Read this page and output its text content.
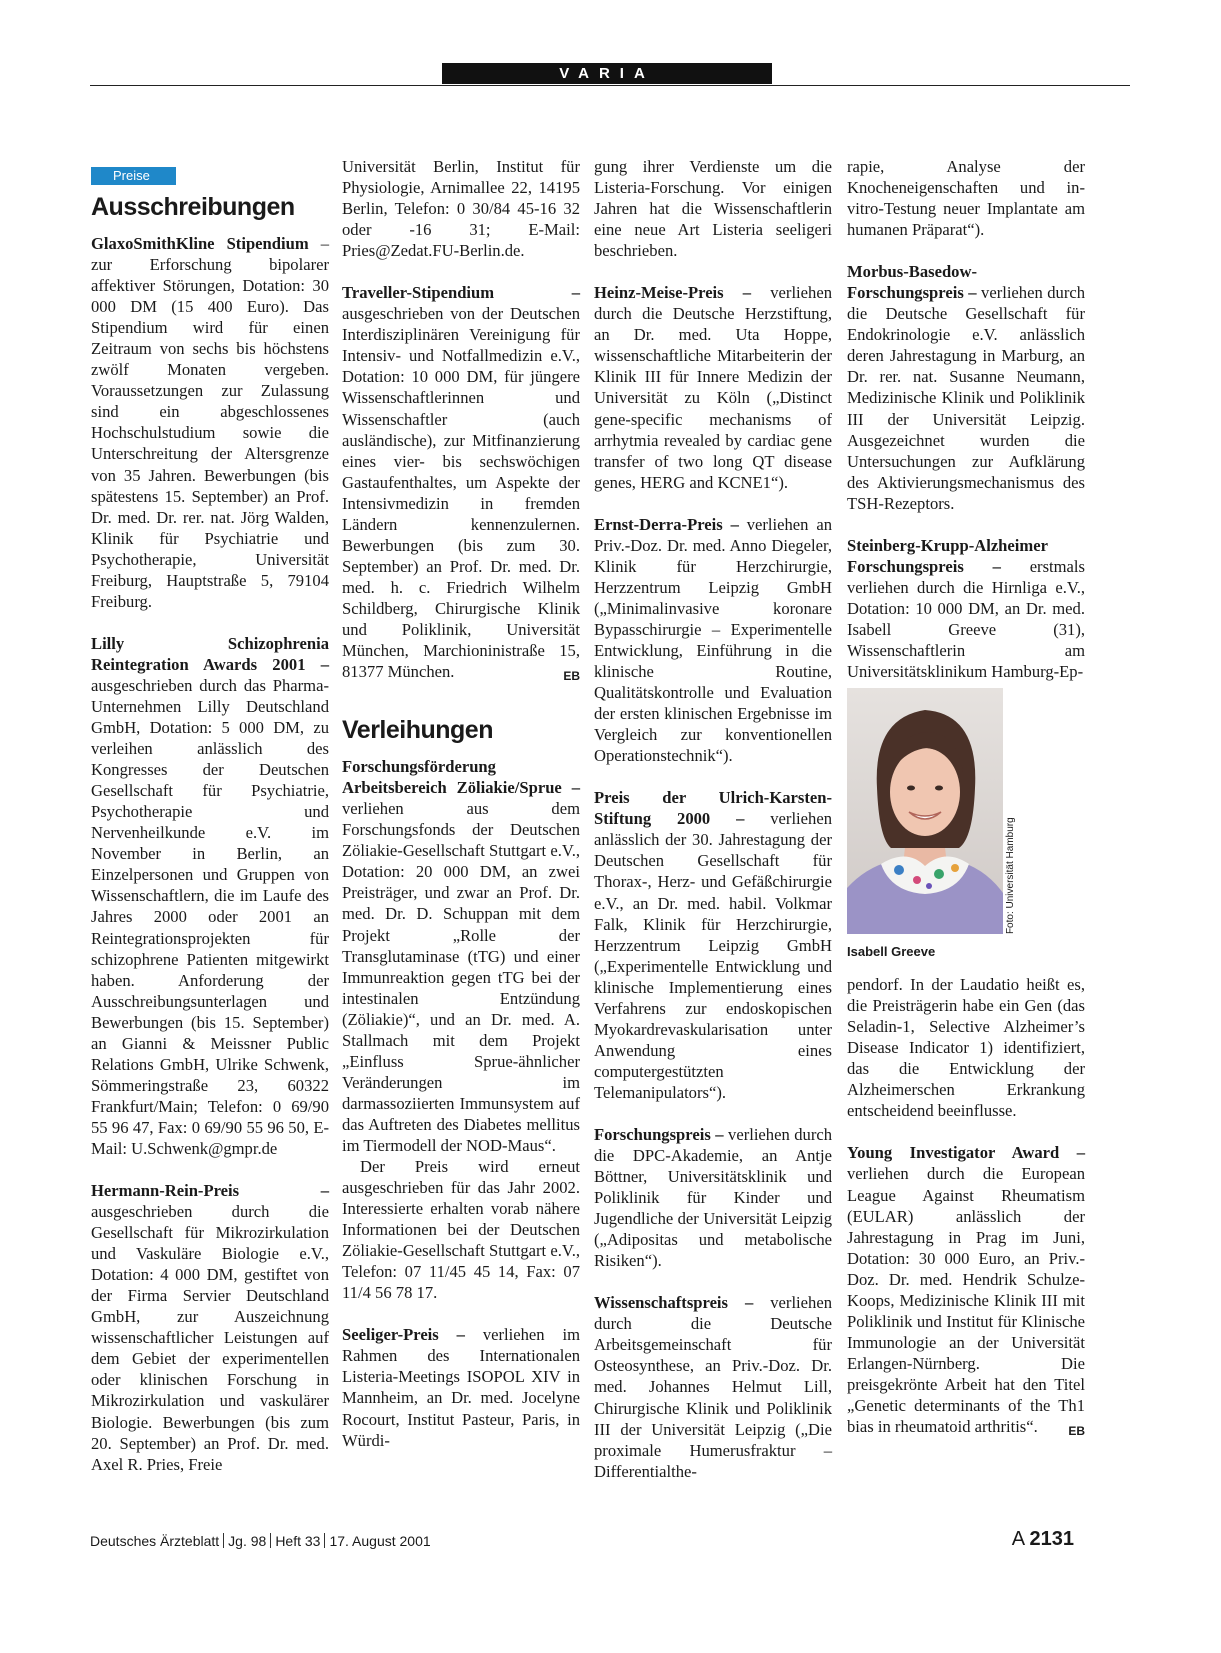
VARIA
Preise
Ausschreibungen

GlaxoSmithKline Stipendium – zur Erforschung bipolarer affektiver Störungen, Dotation: 30 000 DM (15 400 Euro). Das Stipendium wird für einen Zeitraum von sechs bis höchstens zwölf Monaten vergeben. Voraussetzungen zur Zulassung sind ein abgeschlossenes Hochschulstudium sowie die Unterschreitung der Altersgrenze von 35 Jahren. Bewerbungen (bis spätestens 15. September) an Prof. Dr. med. Dr. rer. nat. Jörg Walden, Klinik für Psychiatrie und Psychotherapie, Universität Freiburg, Hauptstraße 5, 79104 Freiburg.

Lilly Schizophrenia Reintegration Awards 2001 – ausgeschrieben durch das Pharma-Unternehmen Lilly Deutschland GmbH, Dotation: 5 000 DM, zu verleihen anlässlich des Kongresses der Deutschen Gesellschaft für Psychiatrie, Psychotherapie und Nervenheilkunde e.V. im November in Berlin, an Einzelpersonen und Gruppen von Wissenschaftlern, die im Laufe des Jahres 2000 oder 2001 an Reintegrationsprojekten für schizophrene Patienten mitgewirkt haben. Anforderung der Ausschreibungsunterlagen und Bewerbungen (bis 15. September) an Gianni & Meissner Public Relations GmbH, Ulrike Schwenk, Sömmeringstraße 23, 60322 Frankfurt/Main; Telefon: 0 69/90 55 96 47, Fax: 0 69/90 55 96 50, E-Mail: U.Schwenk@gmpr.de

Hermann-Rein-Preis – ausgeschrieben durch die Gesellschaft für Mikrozirkulation und Vaskuläre Biologie e.V., Dotation: 4 000 DM, gestiftet von der Firma Servier Deutschland GmbH, zur Auszeichnung wissenschaftlicher Leistungen auf dem Gebiet der experimentellen oder klinischen Forschung in Mikrozirkulation und vaskulärer Biologie. Bewerbungen (bis zum 20. September) an Prof. Dr. med. Axel R. Pries, Freie

Universität Berlin, Institut für Physiologie, Arnimallee 22, 14195 Berlin, Telefon: 0 30/84 45-16 32 oder -16 31; E-Mail: Pries@Zedat.FU-Berlin.de.

Traveller-Stipendium – ausgeschrieben von der Deutschen Interdisziplinären Vereinigung für Intensiv- und Notfallmedizin e.V., Dotation: 10 000 DM, für jüngere Wissenschaftlerinnen und Wissenschaftler (auch ausländische), zur Mitfinanzierung eines vier- bis sechswöchigen Gastaufenthaltes, um Aspekte der Intensivmedizin in fremden Ländern kennenzulernen. Bewerbungen (bis zum 30. September) an Prof. Dr. med. Dr. med. h. c. Friedrich Wilhelm Schildberg, Chirurgische Klinik und Poliklinik, Universität München, Marchioninistraße 15, 81377 München.	EB
Verleihungen

Forschungsförderung Arbeitsbereich Zöliakie/Sprue – verliehen aus dem Forschungsfonds der Deutschen Zöliakie-Gesellschaft Stuttgart e.V., Dotation: 20 000 DM, an zwei Preisträger, und zwar an Prof. Dr. med. Dr. D. Schuppan mit dem Projekt „Rolle der Transglutaminase (tTG) und einer Immunreaktion gegen tTG bei der intestinalen Entzündung (Zöliakie)“, und an Dr. med. A. Stallmach mit dem Projekt „Einfluss Sprue-ähnlicher Veränderungen im darmassoziierten Immunsystem auf das Auftreten des Diabetes mellitus im Tiermodell der NOD-Maus“.

Der Preis wird erneut ausgeschrieben für das Jahr 2002. Interessierte erhalten vorab nähere Informationen bei der Deutschen Zöliakie-Gesellschaft Stuttgart e.V., Telefon: 07 11/45 45 14, Fax: 07 11/4 56 78 17.

Seeliger-Preis – verliehen im Rahmen des Internationalen Listeria-Meetings ISOPOL XIV in Mannheim, an Dr. med. Jocelyne Rocourt, Institut Pasteur, Paris, in Würdi-

gung ihrer Verdienste um die Listeria-Forschung. Vor einigen Jahren hat die Wissenschaftlerin eine neue Art Listeria seeligeri beschrieben.

Heinz-Meise-Preis – verliehen durch die Deutsche Herzstiftung, an Dr. med. Uta Hoppe, wissenschaftliche Mitarbeiterin der Klinik III für Innere Medizin der Universität zu Köln („Distinct gene-specific mechanisms of arrhytmia revealed by cardiac gene transfer of two long QT disease genes, HERG and KCNE1“).

Ernst-Derra-Preis – verliehen an Priv.-Doz. Dr. med. Anno Diegeler, Klinik für Herzchirurgie, Herzzentrum Leipzig GmbH („Minimalinvasive koronare Bypasschirurgie – Experimentelle Entwicklung, Einführung in die klinische Routine, Qualitätskontrolle und Evaluation der ersten klinischen Ergebnisse im Vergleich zur konventionellen Operationstechnik“).

Preis der Ulrich-Karsten-Stiftung 2000 – verliehen anlässlich der 30. Jahrestagung der Deutschen Gesellschaft für Thorax-, Herz- und Gefäßchirurgie e.V., an Dr. med. habil. Volkmar Falk, Klinik für Herzchirurgie, Herzzentrum Leipzig GmbH („Experimentelle Entwicklung und klinische Implementierung eines Verfahrens zur endoskopischen Myokardrevaskularisation unter Anwendung eines computergestützten Telemanipulators“).

Forschungspreis – verliehen durch die DPC-Akademie, an Antje Böttner, Universitätsklinik und Poliklinik für Kinder und Jugendliche der Universität Leipzig („Adipositas und metabolische Risiken“).

Wissenschaftspreis – verliehen durch die Deutsche Arbeitsgemeinschaft für Osteosynthese, an Priv.-Doz. Dr. med. Johannes Helmut Lill, Chirurgische Klinik und Poliklinik III der Universität Leipzig („Die proximale Humerusfraktur – Differentialthe-

rapie, Analyse der Knocheneigenschaften und in-vitro-Testung neuer Implantate am humanen Präparat“).

Morbus-Basedow-Forschungspreis – verliehen durch die Deutsche Gesellschaft für Endokrinologie e.V. anlässlich deren Jahrestagung in Marburg, an Dr. rer. nat. Susanne Neumann, Medizinische Klinik und Poliklinik III der Universität Leipzig. Ausgezeichnet wurden die Untersuchungen zur Aufklärung des Aktivierungsmechanismus des TSH-Rezeptors.

Steinberg-Krupp-Alzheimer Forschungspreis – erstmals verliehen durch die Hirnliga e.V., Dotation: 10 000 DM, an Dr. med. Isabell Greeve (31), Wissenschaftlerin am Universitätsklinikum Hamburg-Ep-

Foto: Universität Hamburg
Isabell Greeve

pendorf. In der Laudatio heißt es, die Preisträgerin habe ein Gen (das Seladin-1, Selective Alzheimer’s Disease Indicator 1) identifiziert, das die Entwicklung der Alzheimerschen Erkrankung entscheidend beeinflusse.

Young Investigator Award – verliehen durch die European League Against Rheumatism (EULAR) anlässlich der Jahrestagung in Prag im Juni, Dotation: 30 000 Euro, an Priv.-Doz. Dr. med. Hendrik Schulze-Koops, Medizinische Klinik III mit Poliklinik und Institut für Klinische Immunologie an der Universität Erlangen-Nürnberg. Die preisgekrönte Arbeit hat den Titel „Genetic determinants of the Th1 bias in rheumatoid arthritis“.	EB
Deutsches Ärzteblatt Jg. 98 Heft 33 17. August 2001	A 2131
